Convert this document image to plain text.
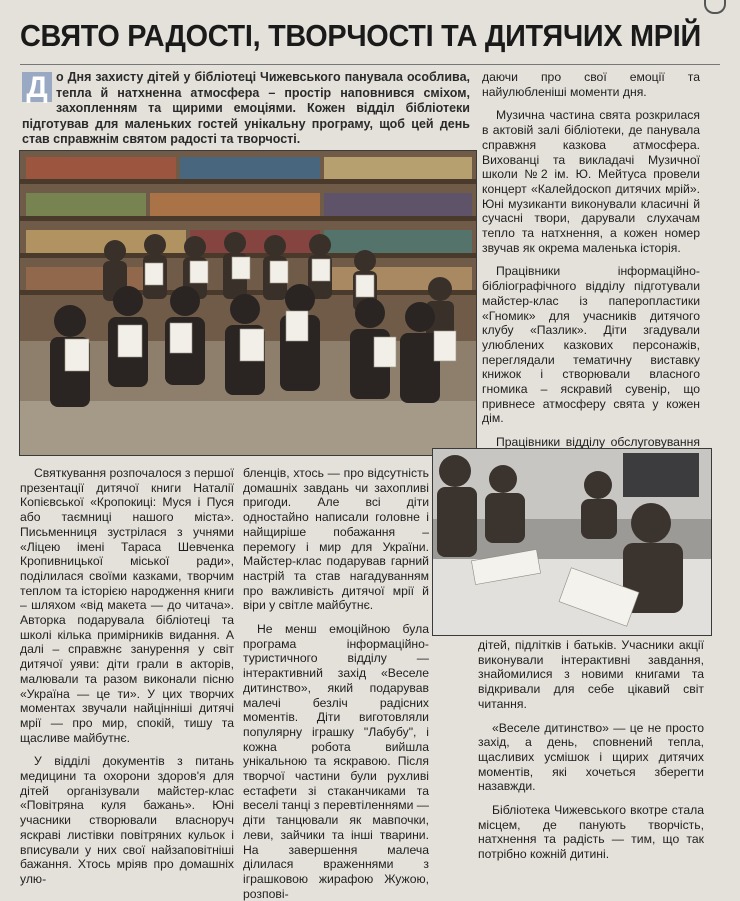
СВЯТО РАДОСТІ, ТВОРЧОСТІ ТА ДИТЯЧИХ МРІЙ

Д о Дня захисту дітей у бібліотеці Чижевського панувала особлива, тепла й натхненна атмосфера – простір наповнився сміхом, захопленням та щирими емоціями. Кожен відділ бібліотеки підготував для маленьких гостей унікальну програму, щоб цей день став справжнім святом радості та творчості.

даючи про свої емоції та найулюбленіші моменти дня.

Музична частина свята розкрилася в актовій залі бібліотеки, де панувала справжня казкова атмосфера. Вихованці та викладачі Музичної школи №2 ім. Ю. Мейтуса провели концерт «Калейдоскоп дитячих мрій». Юні музиканти виконували класичні й сучасні твори, дарували слухачам тепло та натхнення, а кожен номер звучав як окрема маленька історія.

Працівники інформаційно-бібліографічного відділу підготували майстер-клас із паперопластики «Гномик» для учасників дитячого клубу «Пазлик». Діти згадували улюблених казкових персонажів, переглядали тематичну виставку книжок і створювали власного гномика – яскравий сувенір, що привнесе атмосферу свята у кожен дім.

Працівники відділу обслуговування

Святкування розпочалося з першої презентації дитячої книги Наталії Копієвської «Кропокиці: Муся і Пуся або таємниці нашого міста». Письменниця зустрілася з учнями «Ліцею імені Тараса Шевченка Кропивницької міської ради», поділилася своїми казками, творчим теплом та історією народження книги – шляхом «від макета — до читача». Авторка подарувала бібліотеці та школі кілька примірників видання. А далі – справжнє занурення у світ дитячої уяви: діти грали в акторів, малювали та разом виконали пісню «Україна — це ти». У цих творчих моментах звучали найцінніші дитячі мрії — про мир, спокій, тишу та щасливе майбутнє.

У відділі документів з питань медицини та охорони здоров'я для дітей організували майстер-клас «Повітряна куля бажань». Юні учасники створювали власноруч яскраві листівки повітряних кульок і вписували у них свої найзаповітніші бажання. Хтось мріяв про домашніх улю-

бленців, хтось — про відсутність домашніх завдань чи захопливі пригоди. Але всі діти одностайно написали головне і найщиріше побажання – перемогу і мир для України. Майстер-клас подарував гарний настрій та став нагадуванням про важливість дитячої мрії й віри у світле майбутнє.

Не менш емоційною була програма інформаційно-туристичного відділу — інтерактивний захід «Веселе дитинство», який подарував малечі безліч радісних моментів. Діти виготовляли популярну іграшку "Лабубу", і кожна робота вийшла унікальною та яскравою. Після творчої частини були рухливі естафети зі стаканчиками та веселі танці з перевтіленнями — діти танцювали як мавпочки, леви, зайчики та інші тварини. На завершення малеча ділилася враженнями з іграшковою жирафою Жужою, розпові-

дітей, підлітків і батьків. Учасники акції виконували інтерактивні завдання, знайомилися з новими книгами та відкривали для себе цікавий світ читання.

«Веселе дитинство» — це не просто захід, а день, сповнений тепла, щасливих усмішок і щирих дитячих моментів, які хочеться зберегти назавжди.

Бібліотека Чижевського вкотре стала місцем, де панують творчість, натхнення та радість — тим, що так потрібно кожній дитині.
